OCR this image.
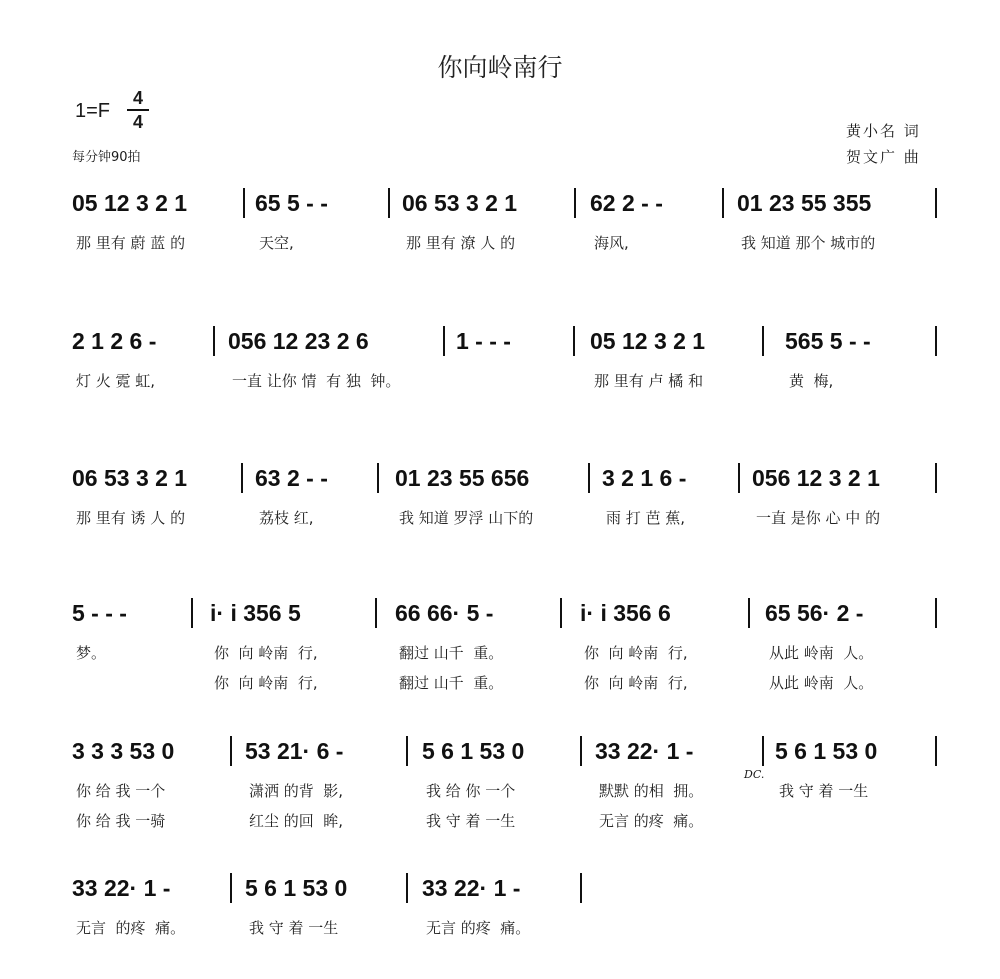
你向岭南行
1=F
4
4
每分钟90拍
黄小名 词
贺文广 曲
DC.
05 12 3 2 1	65 5 - -	06 53 3 2 1	62 2 - -	01 23 55 355
那 里有 蔚 蓝 的	天空,	那 里有 潦 人 的	海风,	我 知道 那个 城市的
2 1 2 6 -	056 12 23 2 6	1 - - -	05 12 3 2 1	565 5 - -
灯 火 霓 虹,	一直 让你 情  有 独  钟。	那 里有 卢 橘 和	黄  梅,
06 53 3 2 1	63 2 - -	01 23 55 656	3 2 1 6 -	056 12 3 2 1
那 里有 诱 人 的	荔枝 红,	我 知道 罗浮 山下的	雨 打 芭 蕉,	一直 是你 心 中 的
5 - - -	i· i 356 5	66 66· 5 -	i· i 356 6	65 56· 2 -
梦。	你  向 岭南  行,	翻过 山千  重。	你  向 岭南  行,	从此 岭南  人。
你  向 岭南  行,	翻过 山千  重。	你  向 岭南  行,	从此 岭南  人。
3 3 3 53 0	53 21· 6 -	5 6 1 53 0	33 22· 1 -	5 6 1 53 0
你 给 我 一个	潇洒 的背  影,	我 给 你 一个	默默 的相  拥。	我 守 着 一生
你 给 我 一骑	红尘 的回  眸,	我 守 着 一生	无言 的疼  痛。
33 22· 1 -	5 6 1 53 0	33 22· 1 -
无言  的疼  痛。	我 守 着 一生	无言 的疼  痛。
